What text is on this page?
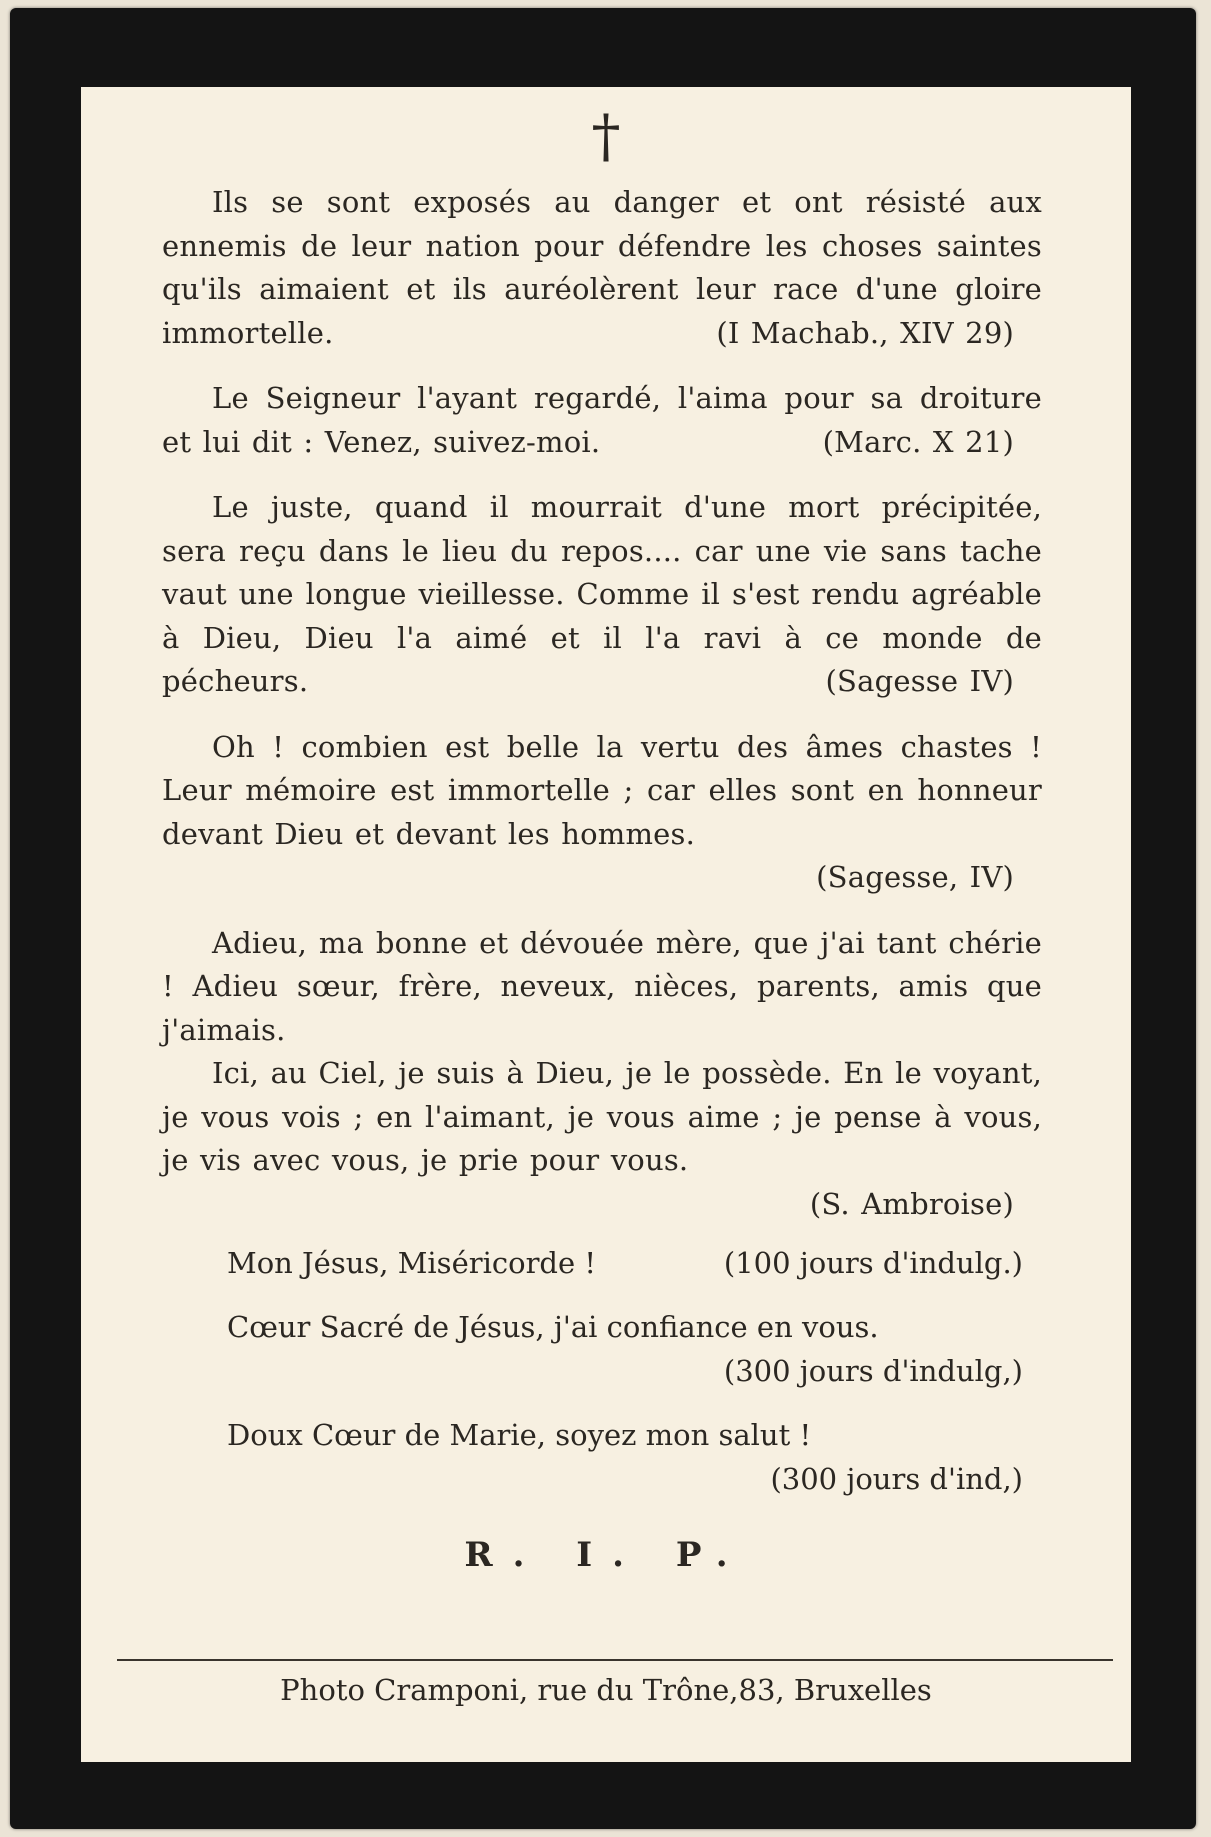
†

Ils se sont exposés au danger et ont résisté aux ennemis de leur nation pour défendre les choses saintes qu'ils aimaient et ils auréolèrent leur race d'une gloire immortelle.	(I Machab., XIV 29)

Le Seigneur l'ayant regardé, l'aima pour sa droiture et lui dit : Venez, suivez-moi.	(Marc. X 21)

Le juste, quand il mourrait d'une mort précipitée, sera reçu dans le lieu du repos.... car une vie sans tache vaut une longue vieillesse. Comme il s'est rendu agréable à Dieu, Dieu l'a aimé et il l'a ravi à ce monde de pécheurs.	(Sagesse IV)

Oh ! combien est belle la vertu des âmes chastes ! Leur mémoire est immortelle ; car elles sont en honneur devant Dieu et devant les hommes.

(Sagesse, IV)

Adieu, ma bonne et dévouée mère, que j'ai tant chérie ! Adieu sœur, frère, neveux, nièces, parents, amis que j'aimais.

Ici, au Ciel, je suis à Dieu, je le possède. En le voyant, je vous vois ; en l'aimant, je vous aime ; je pense à vous, je vis avec vous, je prie pour vous.

(S. Ambroise)

Mon Jésus, Miséricorde !	(100 jours d'indulg.)
Cœur Sacré de Jésus, j'ai confiance en vous.
(300 jours d'indulg,)
Doux Cœur de Marie, soyez mon salut !
(300 jours d'ind,)
R. I. P.
Photo Cramponi, rue du Trône,83, Bruxelles
